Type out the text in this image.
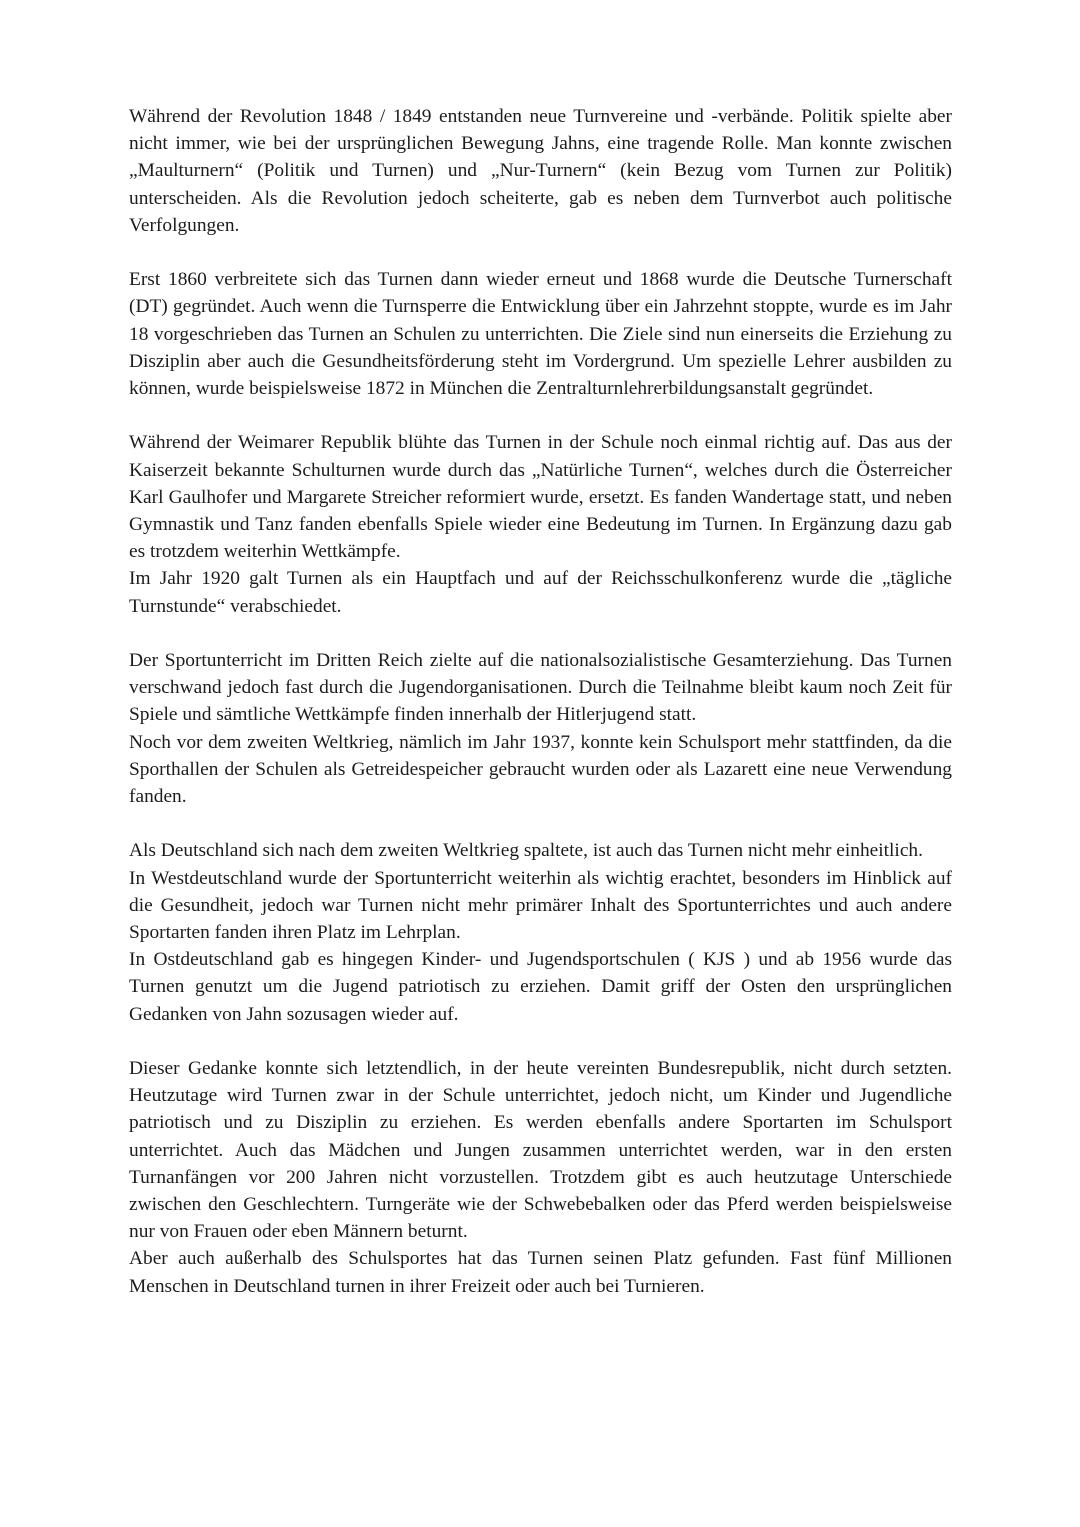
Während der Revolution 1848 / 1849 entstanden neue Turnvereine und -verbände. Politik spielte aber nicht immer, wie bei der ursprünglichen Bewegung Jahns, eine tragende Rolle. Man konnte zwischen „Maulturnern“ (Politik und Turnen) und „Nur-Turnern“ (kein Bezug vom Turnen zur Politik) unterscheiden. Als die Revolution jedoch scheiterte, gab es neben dem Turnverbot auch politische Verfolgungen.

Erst 1860 verbreitete sich das Turnen dann wieder erneut und 1868 wurde die Deutsche Turnerschaft (DT) gegründet. Auch wenn die Turnsperre die Entwicklung über ein Jahrzehnt stoppte, wurde es im Jahr 18 vorgeschrieben das Turnen an Schulen zu unterrichten. Die Ziele sind nun einerseits die Erziehung zu Disziplin aber auch die Gesundheitsförderung steht im Vordergrund. Um spezielle Lehrer ausbilden zu können, wurde beispielsweise 1872 in München die Zentralturnlehrerbildungsanstalt gegründet.

Während der Weimarer Republik blühte das Turnen in der Schule noch einmal richtig auf. Das aus der Kaiserzeit bekannte Schulturnen wurde durch das „Natürliche Turnen“, welches durch die Österreicher Karl Gaulhofer und Margarete Streicher reformiert wurde, ersetzt. Es fanden Wandertage statt, und neben Gymnastik und Tanz fanden ebenfalls Spiele wieder eine Bedeutung im Turnen. In Ergänzung dazu gab es trotzdem weiterhin Wettkämpfe.

Im Jahr 1920 galt Turnen als ein Hauptfach und auf der Reichsschulkonferenz wurde die „tägliche Turnstunde“ verabschiedet.

Der Sportunterricht im Dritten Reich zielte auf die nationalsozialistische Gesamterziehung. Das Turnen verschwand jedoch fast durch die Jugendorganisationen. Durch die Teilnahme bleibt kaum noch Zeit für Spiele und sämtliche Wettkämpfe finden innerhalb der Hitlerjugend statt.

Noch vor dem zweiten Weltkrieg, nämlich im Jahr 1937, konnte kein Schulsport mehr stattfinden, da die Sporthallen der Schulen als Getreidespeicher gebraucht wurden oder als Lazarett eine neue Verwendung fanden.

Als Deutschland sich nach dem zweiten Weltkrieg spaltete, ist auch das Turnen nicht mehr einheitlich.

In Westdeutschland wurde der Sportunterricht weiterhin als wichtig erachtet, besonders im Hinblick auf die Gesundheit, jedoch war Turnen nicht mehr primärer Inhalt des Sportunterrichtes und auch andere Sportarten fanden ihren Platz im Lehrplan.

In Ostdeutschland gab es hingegen Kinder- und Jugendsportschulen ( KJS ) und ab 1956 wurde das Turnen genutzt um die Jugend patriotisch zu erziehen. Damit griff der Osten den ursprünglichen Gedanken von Jahn sozusagen wieder auf.

Dieser Gedanke konnte sich letztendlich, in der heute vereinten Bundesrepublik, nicht durch setzten. Heutzutage wird Turnen zwar in der Schule unterrichtet, jedoch nicht, um Kinder und Jugendliche patriotisch und zu Disziplin zu erziehen. Es werden ebenfalls andere Sportarten im Schulsport unterrichtet. Auch das Mädchen und Jungen zusammen unterrichtet werden, war in den ersten Turnanfängen vor 200 Jahren nicht vorzustellen. Trotzdem gibt es auch heutzutage Unterschiede zwischen den Geschlechtern. Turngeräte wie der Schwebebalken oder das Pferd werden beispielsweise nur von Frauen oder eben Männern beturnt.

Aber auch außerhalb des Schulsportes hat das Turnen seinen Platz gefunden. Fast fünf Millionen Menschen in Deutschland turnen in ihrer Freizeit oder auch bei Turnieren.
